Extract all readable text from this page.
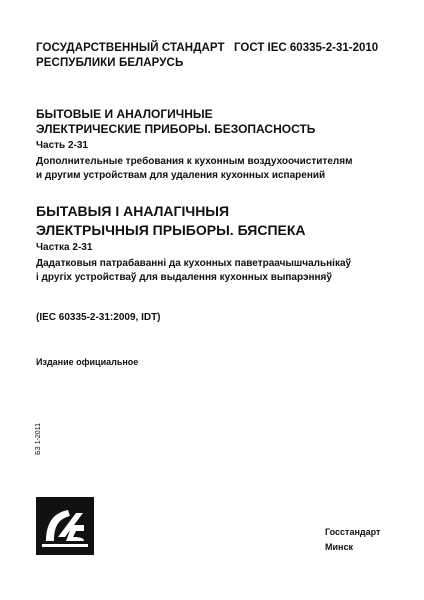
ГОСУДАРСТВЕННЫЙ СТАНДАРТ
РЕСПУБЛИКИ БЕЛАРУСЬ
ГОСТ IEC 60335-2-31-2010
БЫТОВЫЕ И АНАЛОГИЧНЫЕ
ЭЛЕКТРИЧЕСКИЕ ПРИБОРЫ. БЕЗОПАСНОСТЬ
Часть 2-31
Дополнительные требования к кухонным воздухоочистителям
и другим устройствам для удаления кухонных испарений
БЫТАВЫЯ I АНАЛАГІЧНЫЯ
ЭЛЕКТРЫЧНЫЯ ПРЫБОРЫ. БЯСПЕКА
Частка 2-31
Дадатковыя патрабаванні да кухонных паветраачышчальнікаў
і другіх устройстваў для выдалення кухонных выпарэнняў
(IEC 60335-2-31:2009, IDT)
Издание официальное
БЗ 1-2011
Госстандарт
Минск
